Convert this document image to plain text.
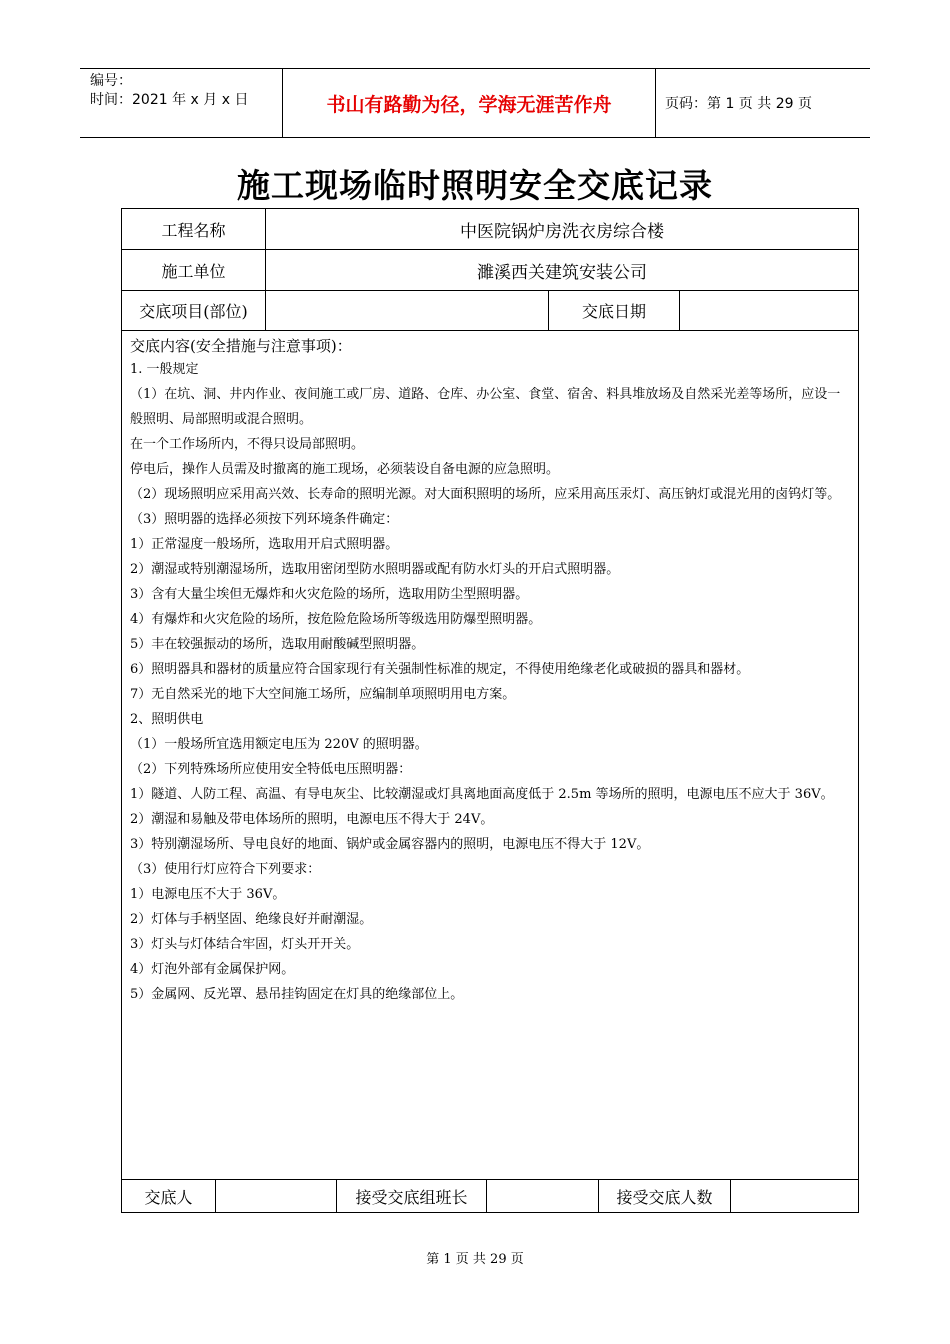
编号：
时间：2021 年 x 月 x 日	书山有路勤为径，学海无涯苦作舟	页码：第 1 页 共 29 页
施工现场临时照明安全交底记录
工程名称	中医院锅炉房洗衣房综合楼
施工单位	濉溪西关建筑安装公司
交底项目(部位)	交底日期
交底内容(安全措施与注意事项)：

1. 一般规定

（1）在坑、洞、井内作业、夜间施工或厂房、道路、仓库、办公室、食堂、宿舍、料具堆放场及自然采光差等场所，应设一般照明、局部照明或混合照明。

在一个工作场所内，不得只设局部照明。

停电后，操作人员需及时撤离的施工现场，必须装设自备电源的应急照明。

（2）现场照明应采用高兴效、长寿命的照明光源。对大面积照明的场所，应采用高压汞灯、高压钠灯或混光用的卤钨灯等。

（3）照明器的选择必须按下列环境条件确定：

1）正常湿度一般场所，选取用开启式照明器。

2）潮湿或特别潮湿场所，选取用密闭型防水照明器或配有防水灯头的开启式照明器。

3）含有大量尘埃但无爆炸和火灾危险的场所，选取用防尘型照明器。

4）有爆炸和火灾危险的场所，按危险危险场所等级选用防爆型照明器。

5）丰在较强振动的场所，选取用耐酸碱型照明器。

6）照明器具和器材的质量应符合国家现行有关强制性标准的规定，不得使用绝缘老化或破损的器具和器材。

7）无自然采光的地下大空间施工场所，应编制单项照明用电方案。

2、照明供电

（1）一般场所宜选用额定电压为 220V 的照明器。

（2）下列特殊场所应使用安全特低电压照明器：

1）隧道、人防工程、高温、有导电灰尘、比较潮湿或灯具离地面高度低于 2.5m 等场所的照明，电源电压不应大于 36V。

2）潮湿和易触及带电体场所的照明，电源电压不得大于 24V。

3）特别潮湿场所、导电良好的地面、锅炉或金属容器内的照明，电源电压不得大于 12V。

（3）使用行灯应符合下列要求：

1）电源电压不大于 36V。

2）灯体与手柄坚固、绝缘良好并耐潮湿。

3）灯头与灯体结合牢固，灯头开开关。

4）灯泡外部有金属保护网。

5）金属网、反光罩、悬吊挂钩固定在灯具的绝缘部位上。

交底人	接受交底组班长	接受交底人数
第 1 页 共 29 页
